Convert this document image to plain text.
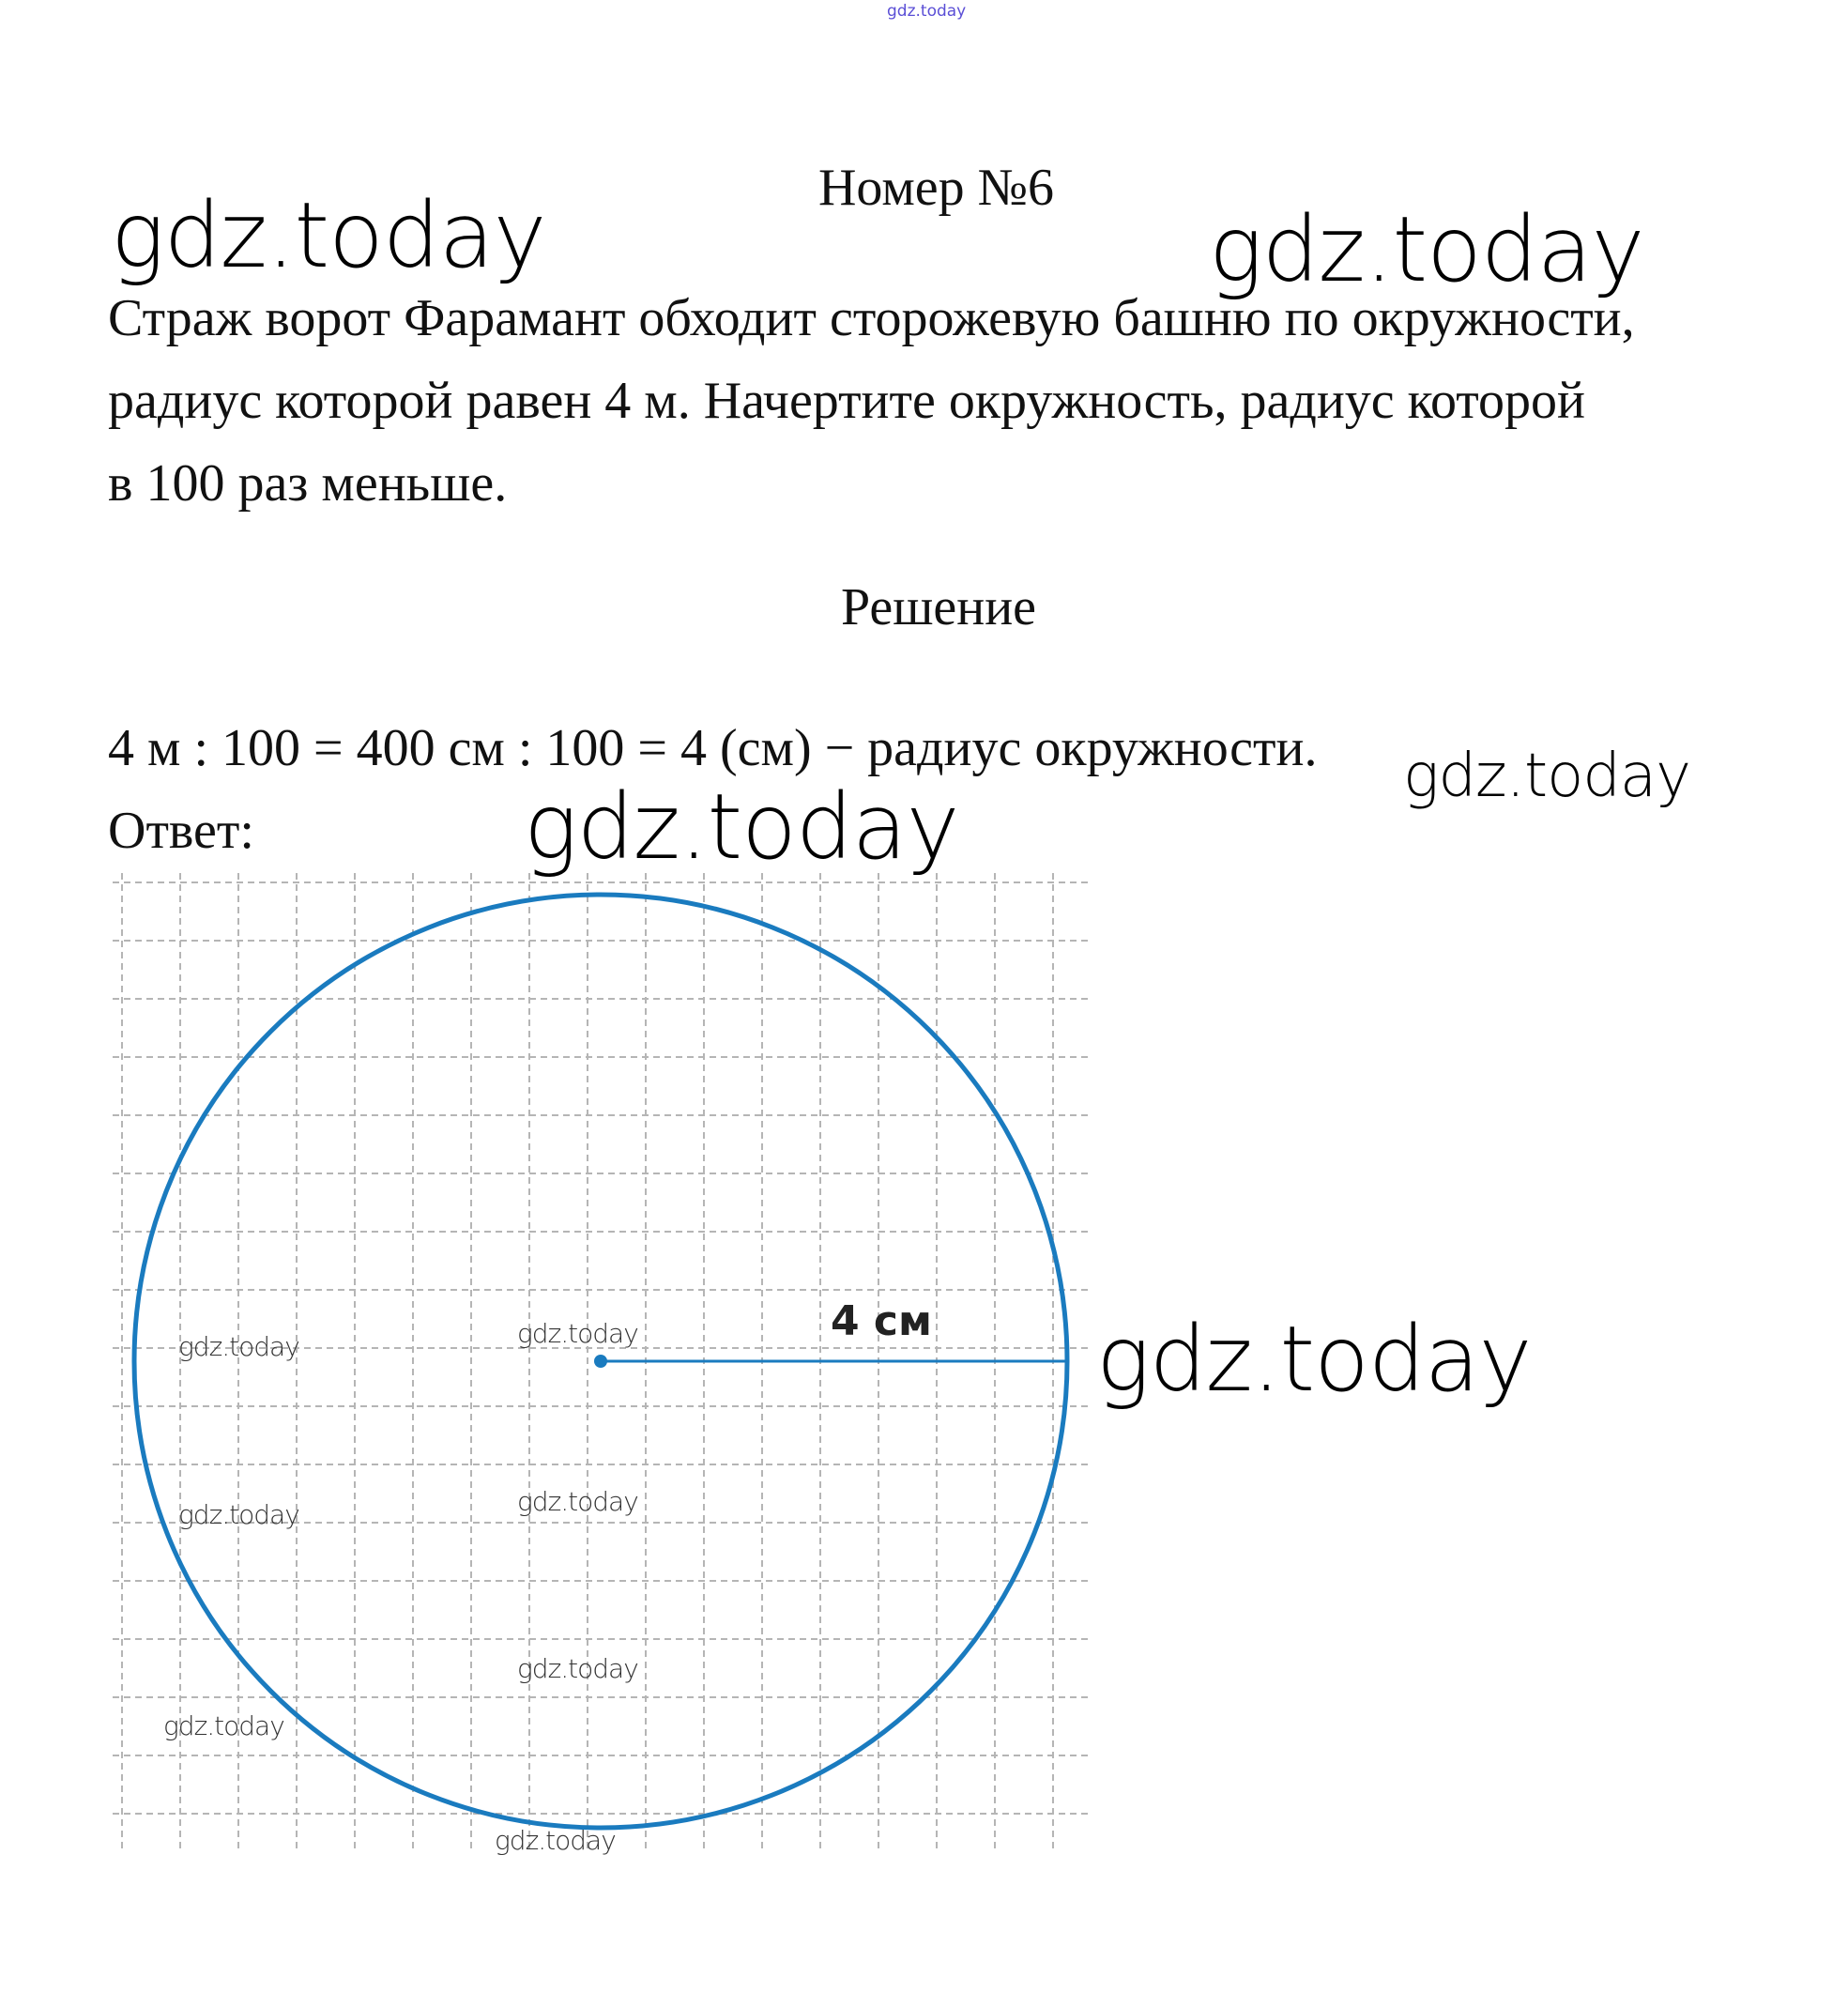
gdz.today
Номер №6
gdz.today	gdz.today
Страж ворот Фарамант обходит сторожевую башню по окружности,
радиус которой равен 4 м. Начертите окружность, радиус которой
в 100 раз меньше.
Решение
4 м : 100 = 400 см : 100 = 4 (см) − радиус окружности. gdz.today
Ответ:	gdz.today
4 см gdz.today
gdz.today	gdz.today
gdz.today	gdz.today
gdz.today
gdz.today
gdz.today
